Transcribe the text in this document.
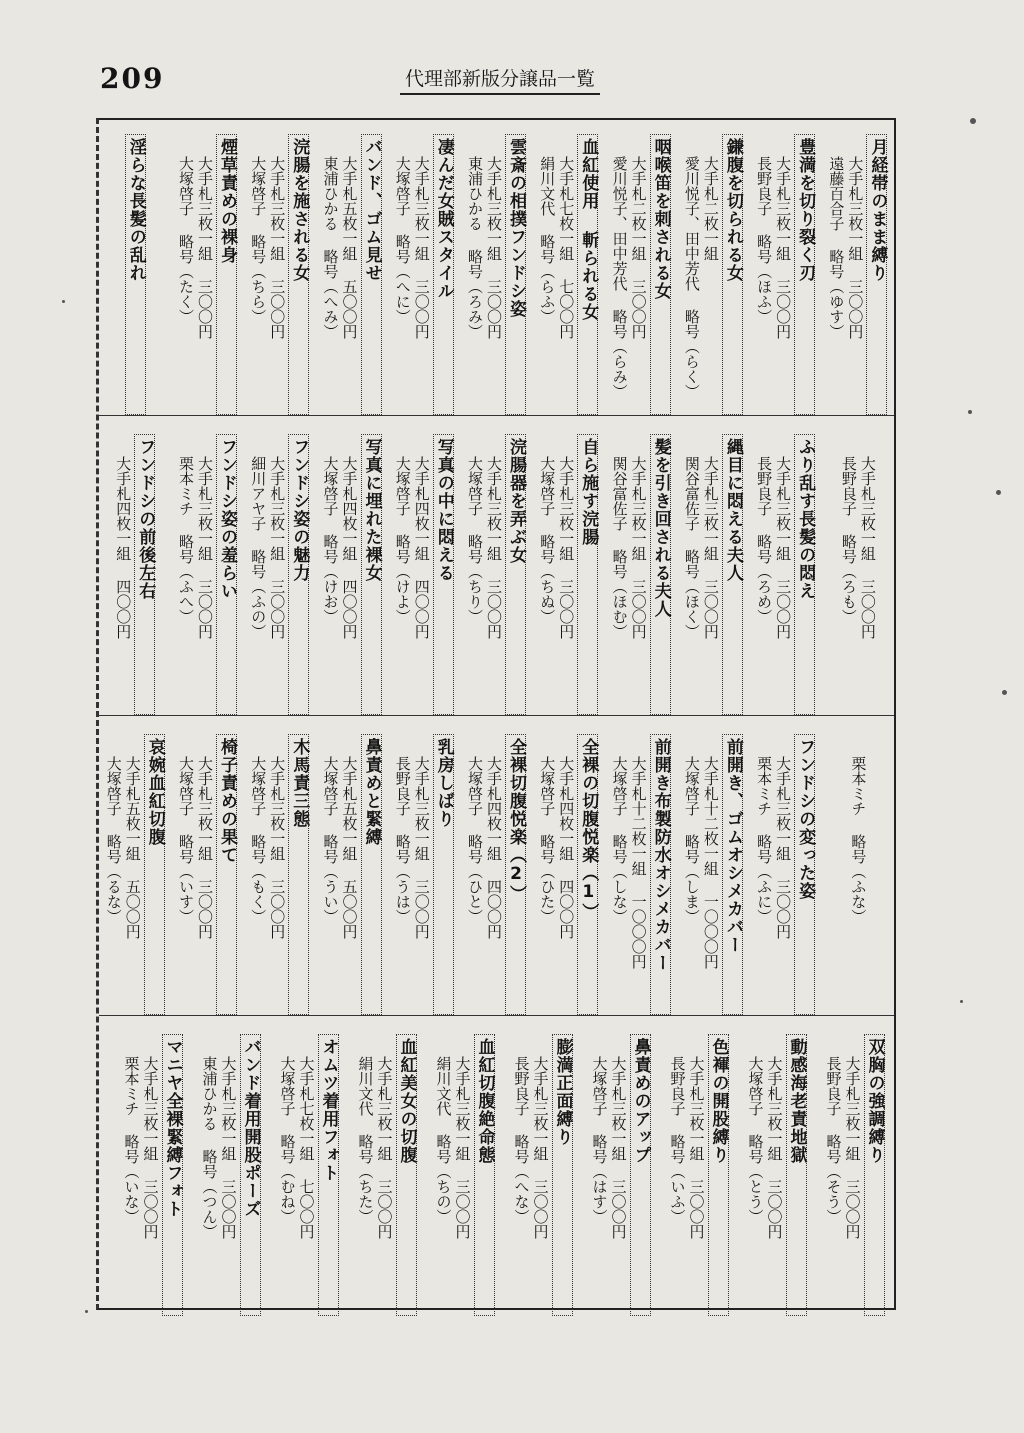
209	代理部新版分譲品一覧
月経帯のまま縛り
大手札三枚一組 三〇〇円
遠藤百合子 略号（ゆす）
豊満を切り裂く刃
大手札三枚一組 三〇〇円
長野良子 略号（ほふ）
鎌腹を切られる女
大手札二枚一組
愛川悦子、田中芳代 略号（らく）
咽喉笛を刺される女
大手札二枚一組 三〇〇円
愛川悦子、田中芳代 略号（らみ）
血紅使用 斬られる女
大手札七枚一組 七〇〇円
絹川文代 略号（らふ）
雲斎の相撲フンドシ姿
大手札三枚一組 三〇〇円
東浦ひかる 略号（ろみ）
凄んだ女賊スタイル
大手札三枚一組 三〇〇円
大塚啓子 略号（へに）
バンド、ゴム見せ
大手札五枚一組 五〇〇円
東浦ひかる 略号（へみ）
浣腸を施される女
大手札三枚一組 三〇〇円
大塚啓子 略号（ちら）
煙草責めの裸身
大手札三枚一組 三〇〇円
大塚啓子 略号（たく）
淫らな長髪の乱れ
大手札三枚一組 三〇〇円
長野良子 略号（ろも）
ふり乱す長髪の悶え
大手札三枚一組 三〇〇円
長野良子 略号（ろめ）
縄目に悶える夫人
大手札三枚一組 三〇〇円
関谷富佐子 略号（ほく）
髪を引き回される夫人
大手札三枚一組 三〇〇円
関谷富佐子 略号（ほむ）
自ら施す浣腸
大手札三枚一組 三〇〇円
大塚啓子 略号（ちぬ）
浣腸器を弄ぶ女
大手札三枚一組 三〇〇円
大塚啓子 略号（ちり）
写真の中に悶える
大手札四枚一組 四〇〇円
大塚啓子 略号（けよ）
写真に埋れた裸女
大手札四枚一組 四〇〇円
大塚啓子 略号（けお）
フンドシ姿の魅力
大手札三枚一組 三〇〇円
細川アヤ子 略号（ふの）
フンドシ姿の羞らい
大手札三枚一組 三〇〇円
栗本ミチ 略号（ふへ）
フンドシの前後左右
大手札四枚一組 四〇〇円
栗本ミチ 略号（ふな）
フンドシの変った姿
大手札三枚一組 三〇〇円
栗本ミチ 略号（ふに）
前開き、ゴムオシメカバー
大手札十二枚一組 一〇〇〇円
大塚啓子 略号（しま）
前開き布製防水オシメカバー
大手札十二枚一組 一〇〇〇円
大塚啓子 略号（しな）
全裸の切腹悦楽（1）
大手札四枚一組 四〇〇円
大塚啓子 略号（ひた）
全裸切腹悦楽（2）
大手札四枚一組 四〇〇円
大塚啓子 略号（ひと）
乳房しばり
大手札三枚一組 三〇〇円
長野良子 略号（うは）
鼻責めと緊縛
大手札五枚一組 五〇〇円
大塚啓子 略号（うい）
木馬責三態
大手札三枚一組 三〇〇円
大塚啓子 略号（もく）
椅子責めの果て
大手札三枚一組 三〇〇円
大塚啓子 略号（いす）
哀婉血紅切腹
大手札五枚一組 五〇〇円
大塚啓子 略号（るな）
双胸の強調縛り
大手札三枚一組 三〇〇円
長野良子 略号（そう）
動感海老責地獄
大手札三枚一組 三〇〇円
大塚啓子 略号（とう）
色褌の開股縛り
大手札三枚一組 三〇〇円
長野良子 略号（いふ）
鼻責めのアップ
大手札三枚一組 三〇〇円
大塚啓子 略号（はす）
膨満正面縛り
大手札三枚一組 三〇〇円
長野良子 略号（へな）
血紅切腹絶命態
大手札三枚一組 三〇〇円
絹川文代 略号（ちの）
血紅美女の切腹
大手札三枚一組 三〇〇円
絹川文代 略号（ちた）
オムツ着用フォト
大手札七枚一組 七〇〇円
大塚啓子 略号（むね）
バンド着用開股ポーズ
大手札三枚一組 三〇〇円
東浦ひかる 略号（つん）
マニヤ全裸緊縛フォト
大手札三枚一組 三〇〇円
栗本ミチ 略号（いな）
